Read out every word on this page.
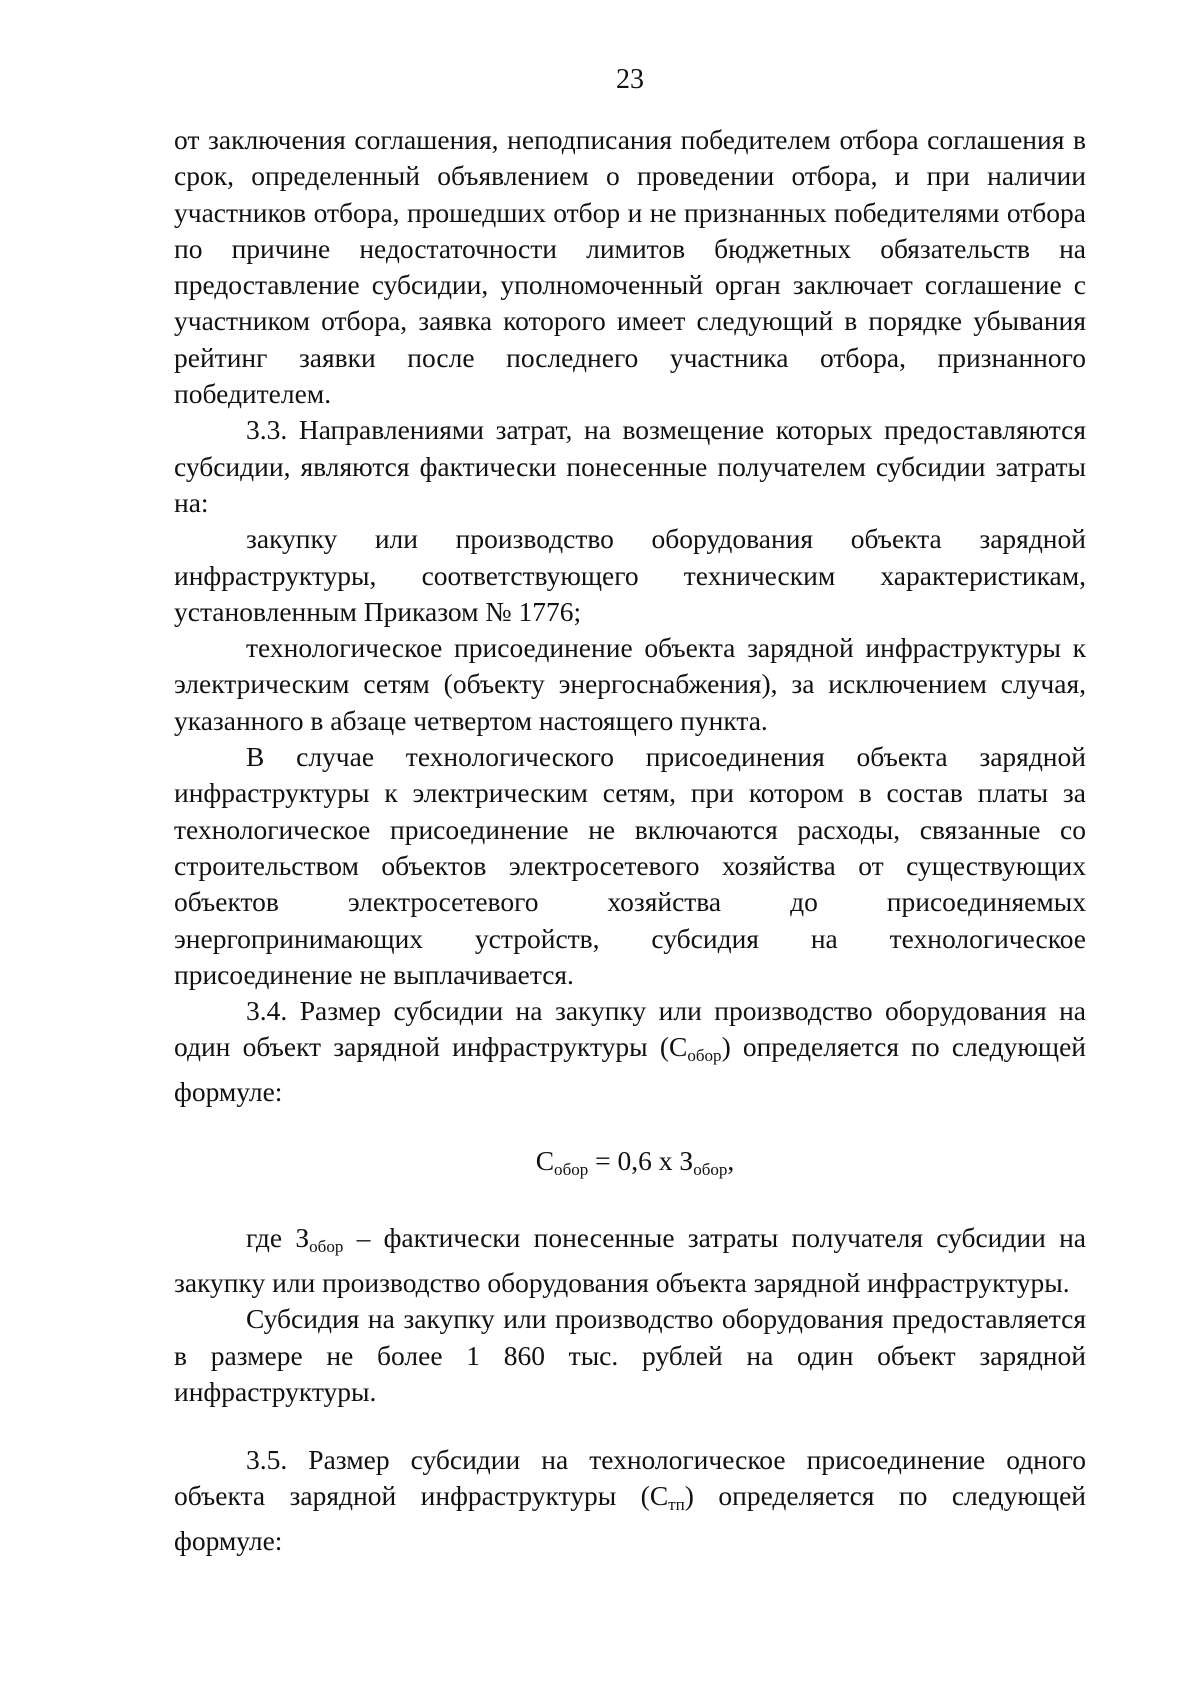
23

от заключения соглашения, неподписания победителем отбора соглашения в срок, определенный объявлением о проведении отбора, и при наличии участников отбора, прошедших отбор и не признанных победителями отбора по причине недостаточности лимитов бюджетных обязательств на предоставление субсидии, уполномоченный орган заключает соглашение с участником отбора, заявка которого имеет следующий в порядке убывания рейтинг заявки после последнего участника отбора, признанного победителем.

3.3. Направлениями затрат, на возмещение которых предоставляются субсидии, являются фактически понесенные получателем субсидии затраты на:

закупку или производство оборудования объекта зарядной инфраструктуры, соответствующего техническим характеристикам, установленным Приказом № 1776;

технологическое присоединение объекта зарядной инфраструктуры к электрическим сетям (объекту энергоснабжения), за исключением случая, указанного в абзаце четвертом настоящего пункта.

В случае технологического присоединения объекта зарядной инфраструктуры к электрическим сетям, при котором в состав платы за технологическое присоединение не включаются расходы, связанные со строительством объектов электросетевого хозяйства от существующих объектов электросетевого хозяйства до присоединяемых энергопринимающих устройств, субсидия на технологическое присоединение не выплачивается.

3.4. Размер субсидии на закупку или производство оборудования на один объект зарядной инфраструктуры $(С_{обор})$ определяется по следующей формуле:

$С_{обор} = 0,6$ х $З_{обор}$,

где $З_{обор}$ – фактически понесенные затраты получателя субсидии на закупку или производство оборудования объекта зарядной инфраструктуры.

Субсидия на закупку или производство оборудования предоставляется в размере не более 1 860 тыс. рублей на один объект зарядной инфраструктуры.

3.5. Размер субсидии на технологическое присоединение одного объекта зарядной инфраструктуры $(С_{тп})$ определяется по следующей формуле:
